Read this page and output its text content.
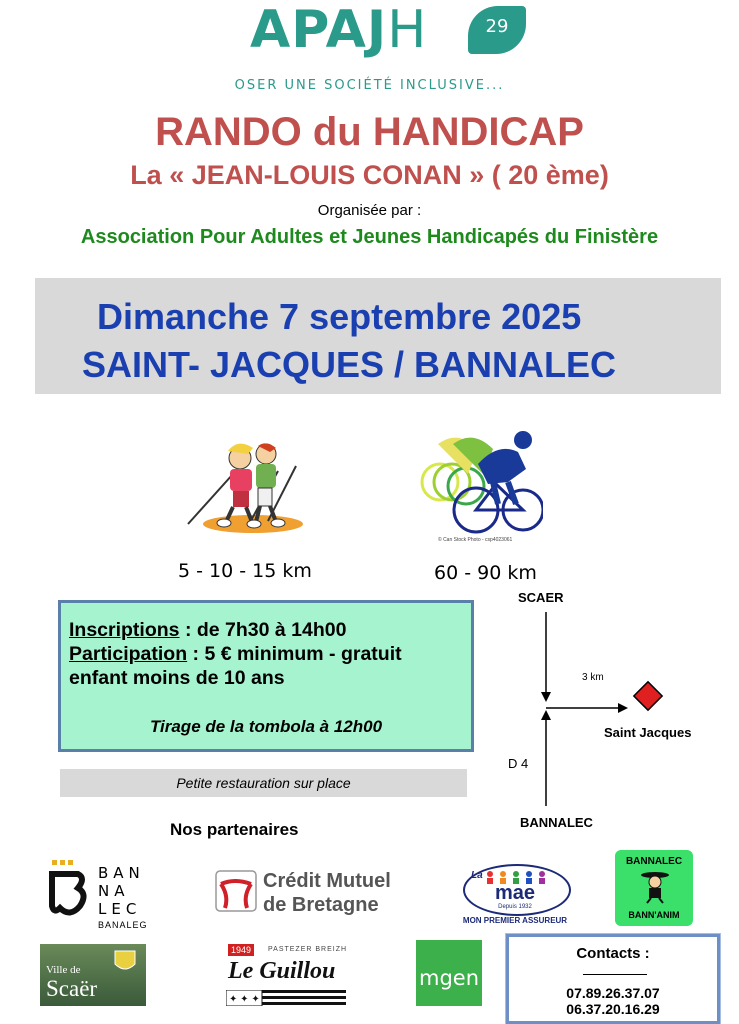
APAJH	29
OSER UNE SOCIÉTÉ INCLUSIVE...
RANDO du HANDICAP
La « JEAN-LOUIS CONAN » ( 20 ème)
Organisée par :
Association Pour Adultes et Jeunes Handicapés du Finistère
Dimanche 7 septembre 2025
SAINT- JACQUES / BANNALEC
© Can Stock Photo - csp4023061
5 - 10 - 15 km	60 - 90 km
Inscriptions : de 7h30 à 14h00
Participation : 5 € minimum - gratuit
enfant moins de 10 ans
Tirage de la tombola à 12h00
Petite restauration sur place
SCAER
3 km
Saint Jacques
D 4
BANNALEC
Nos partenaires
BAN
NA
LEC
BANALEG
Crédit Mutuel
de Bretagne
La
mae
Depuis 1932
MON PREMIER ASSUREUR
BANNALEC
BANN'ANIM
Ville de
Scaër
1949	PASTEZER BREIZH
Le Guillou
✦ ✦ ✦
mgen
Contacts :
07.89.26.37.07
06.37.20.16.29
